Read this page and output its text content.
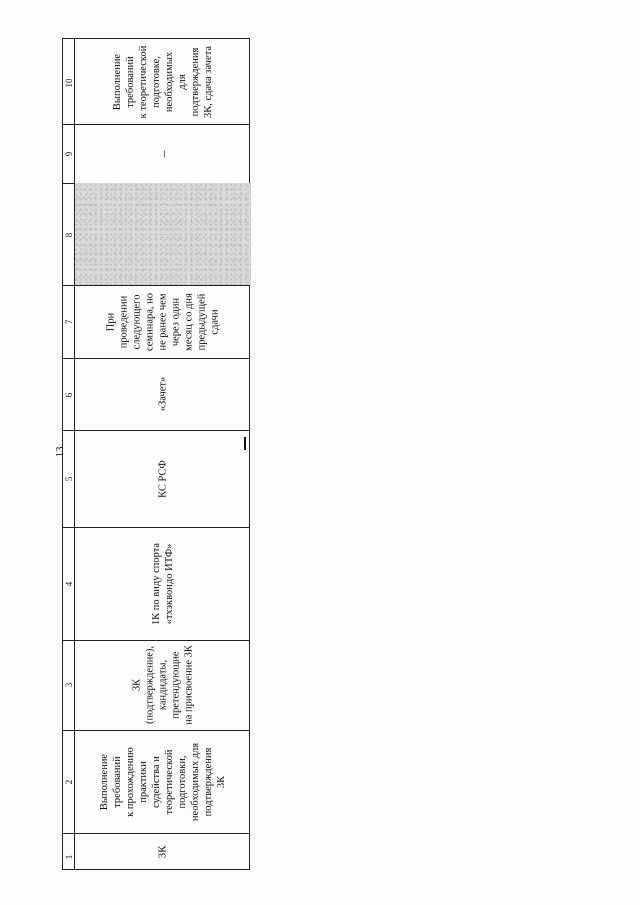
13
1
2
3
4
5
6
7
8
9
10	Выполнение требований к теоретической подготовке, необходимых для подтверждения 3К, сдача зачета
–
При проведении следующего семинара, но не ранее чем через один месяц со дня предыдущей сдачи
«Зачет»
КС РСФ
1К по виду спорта «тхэквондо ИТФ»
3К (подтверждение), кандидаты, претендующие на присвоение 3К
Выполнение требований к прохождению практики судейства и теоретической подготовки, необходимых для подтверждения 3К
3К
